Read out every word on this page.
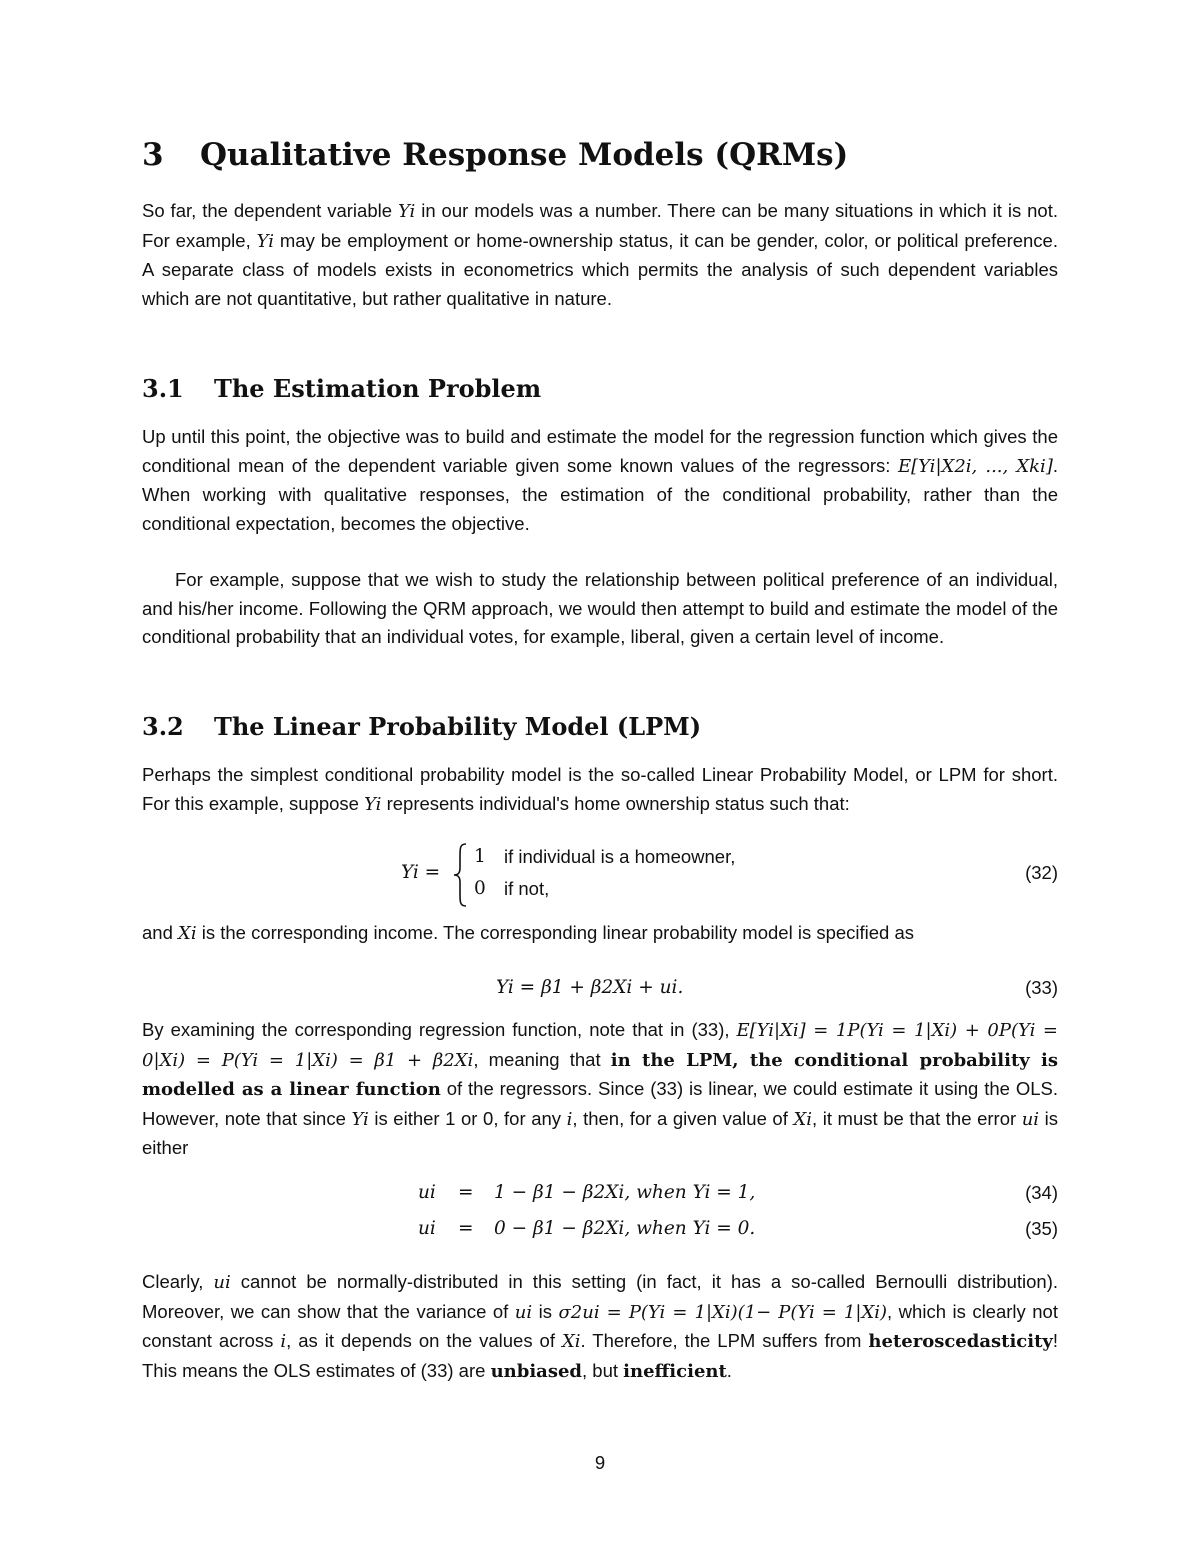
3 Qualitative Response Models (QRMs)

So far, the dependent variable Yi in our models was a number. There can be many situations in which it is not. For example, Yi may be employment or home-ownership status, it can be gender, color, or political preference. A separate class of models exists in econometrics which permits the analysis of such dependent variables which are not quantitative, but rather qualitative in nature.

3.1 The Estimation Problem

Up until this point, the objective was to build and estimate the model for the regression function which gives the conditional mean of the dependent variable given some known values of the regressors: E[Yi|X2i, ..., Xki]. When working with qualitative responses, the estimation of the conditional probability, rather than the conditional expectation, becomes the objective.

For example, suppose that we wish to study the relationship between political preference of an individual, and his/her income. Following the QRM approach, we would then attempt to build and estimate the model of the conditional probability that an individual votes, for example, liberal, given a certain level of income.

3.2 The Linear Probability Model (LPM)

Perhaps the simplest conditional probability model is the so-called Linear Probability Model, or LPM for short. For this example, suppose Yi represents individual's home ownership status such that:

Yi =
1 if individual is a homeowner,
0 if not,
(32)

and Xi is the corresponding income. The corresponding linear probability model is specified as

Yi = β1 + β2Xi + ui.	(33)

By examining the corresponding regression function, note that in (33), E[Yi|Xi] = 1P(Yi = 1|Xi) + 0P(Yi = 0|Xi) = P(Yi = 1|Xi) = β1 + β2Xi, meaning that in the LPM, the conditional probability is modelled as a linear function of the regressors. Since (33) is linear, we could estimate it using the OLS. However, note that since Yi is either 1 or 0, for any i, then, for a given value of Xi, it must be that the error ui is either

ui = 1 − β1 − β2Xi, when Yi = 1,	(34)
ui = 0 − β1 − β2Xi, when Yi = 0.	(35)

Clearly, ui cannot be normally-distributed in this setting (in fact, it has a so-called Bernoulli distribution). Moreover, we can show that the variance of ui is σ2ui = P(Yi = 1|Xi)(1− P(Yi = 1|Xi), which is clearly not constant across i, as it depends on the values of Xi. Therefore, the LPM suffers from heteroscedasticity! This means the OLS estimates of (33) are unbiased, but inefficient.

9
